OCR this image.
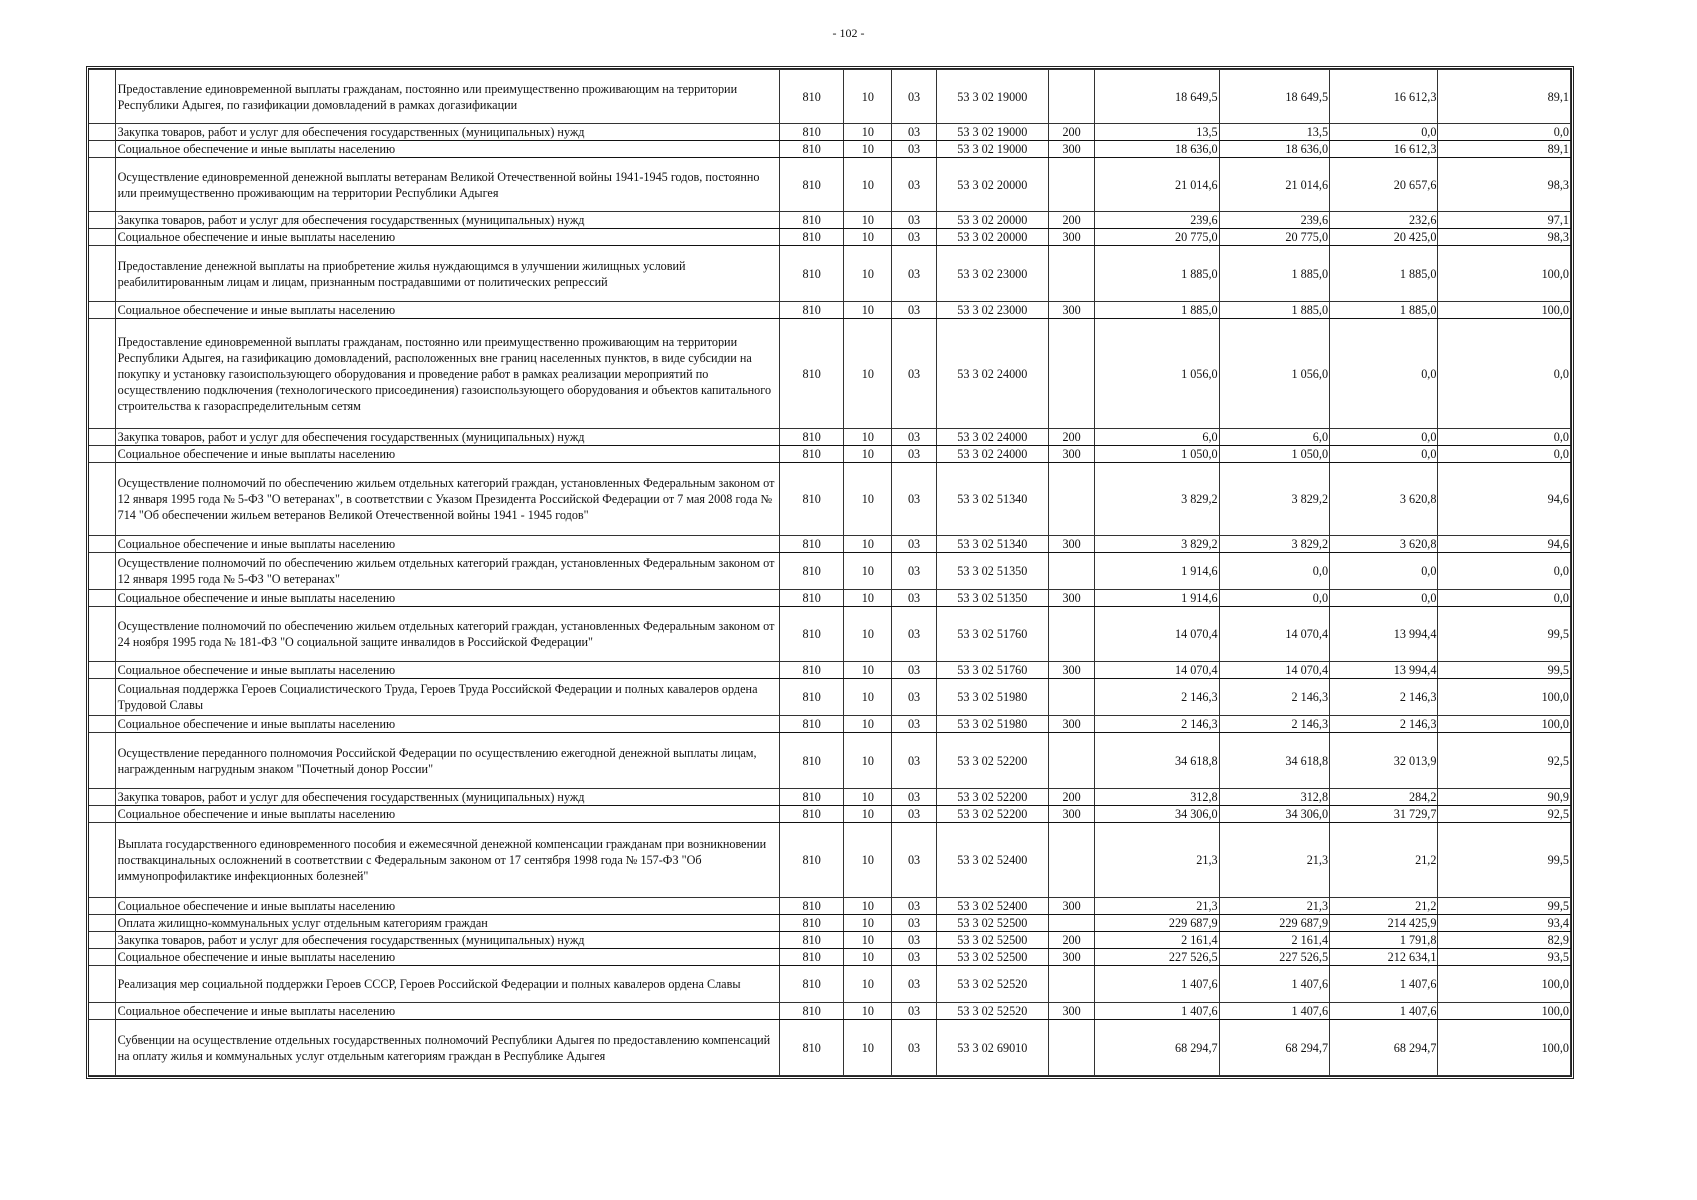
- 102 -
	Предоставление единовременной выплаты гражданам, постоянно или преимущественно проживающим на территории Республики Адыгея, по газификации домовладений в рамках догазификации	810	10	03	53 3 02 19000		18 649,5	18 649,5	16 612,3	89,1
	Закупка товаров, работ и услуг для обеспечения государственных (муниципальных) нужд	810	10	03	53 3 02 19000	200	13,5	13,5	0,0	0,0
	Социальное обеспечение и иные выплаты населению	810	10	03	53 3 02 19000	300	18 636,0	18 636,0	16 612,3	89,1
	Осуществление единовременной денежной выплаты ветеранам Великой Отечественной войны 1941-1945 годов, постоянно или преимущественно проживающим на территории Республики Адыгея	810	10	03	53 3 02 20000		21 014,6	21 014,6	20 657,6	98,3
	Закупка товаров, работ и услуг для обеспечения государственных (муниципальных) нужд	810	10	03	53 3 02 20000	200	239,6	239,6	232,6	97,1
	Социальное обеспечение и иные выплаты населению	810	10	03	53 3 02 20000	300	20 775,0	20 775,0	20 425,0	98,3
	Предоставление денежной выплаты на приобретение жилья нуждающимся в улучшении жилищных условий реабилитированным лицам и лицам, признанным пострадавшими от политических репрессий	810	10	03	53 3 02 23000		1 885,0	1 885,0	1 885,0	100,0
	Социальное обеспечение и иные выплаты населению	810	10	03	53 3 02 23000	300	1 885,0	1 885,0	1 885,0	100,0
	Предоставление единовременной выплаты гражданам, постоянно или преимущественно проживающим на территории Республики Адыгея, на газификацию домовладений, расположенных вне границ населенных пунктов, в виде субсидии на покупку и установку газоиспользующего оборудования и проведение работ в рамках реализации мероприятий по осуществлению подключения (технологического присоединения) газоиспользующего оборудования и объектов капитального строительства к газораспределительным сетям	810	10	03	53 3 02 24000		1 056,0	1 056,0	0,0	0,0
	Закупка товаров, работ и услуг для обеспечения государственных (муниципальных) нужд	810	10	03	53 3 02 24000	200	6,0	6,0	0,0	0,0
	Социальное обеспечение и иные выплаты населению	810	10	03	53 3 02 24000	300	1 050,0	1 050,0	0,0	0,0
	Осуществление полномочий по обеспечению жильем отдельных категорий граждан, установленных Федеральным законом от 12 января 1995 года № 5-ФЗ "О ветеранах", в соответствии с Указом Президента Российской Федерации от 7 мая 2008 года № 714 "Об обеспечении жильем ветеранов Великой Отечественной войны 1941 - 1945 годов"	810	10	03	53 3 02 51340		3 829,2	3 829,2	3 620,8	94,6
	Социальное обеспечение и иные выплаты населению	810	10	03	53 3 02 51340	300	3 829,2	3 829,2	3 620,8	94,6
	Осуществление полномочий по обеспечению жильем отдельных категорий граждан, установленных Федеральным законом от 12 января 1995 года № 5-ФЗ "О ветеранах"	810	10	03	53 3 02 51350		1 914,6	0,0	0,0	0,0
	Социальное обеспечение и иные выплаты населению	810	10	03	53 3 02 51350	300	1 914,6	0,0	0,0	0,0
	Осуществление полномочий по обеспечению жильем отдельных категорий граждан, установленных Федеральным законом от 24 ноября 1995 года № 181-ФЗ "О социальной защите инвалидов в Российской Федерации"	810	10	03	53 3 02 51760		14 070,4	14 070,4	13 994,4	99,5
	Социальное обеспечение и иные выплаты населению	810	10	03	53 3 02 51760	300	14 070,4	14 070,4	13 994,4	99,5
	Социальная поддержка Героев Социалистического Труда, Героев Труда Российской Федерации и полных кавалеров ордена Трудовой Славы	810	10	03	53 3 02 51980		2 146,3	2 146,3	2 146,3	100,0
	Социальное обеспечение и иные выплаты населению	810	10	03	53 3 02 51980	300	2 146,3	2 146,3	2 146,3	100,0
	Осуществление переданного полномочия Российской Федерации по осуществлению ежегодной денежной выплаты лицам, награжденным нагрудным знаком "Почетный донор России"	810	10	03	53 3 02 52200		34 618,8	34 618,8	32 013,9	92,5
	Закупка товаров, работ и услуг для обеспечения государственных (муниципальных) нужд	810	10	03	53 3 02 52200	200	312,8	312,8	284,2	90,9
	Социальное обеспечение и иные выплаты населению	810	10	03	53 3 02 52200	300	34 306,0	34 306,0	31 729,7	92,5
	Выплата государственного единовременного пособия и ежемесячной денежной компенсации гражданам при возникновении поствакцинальных осложнений в соответствии с Федеральным законом от 17 сентября 1998 года № 157-ФЗ "Об иммунопрофилактике инфекционных болезней"	810	10	03	53 3 02 52400		21,3	21,3	21,2	99,5
	Социальное обеспечение и иные выплаты населению	810	10	03	53 3 02 52400	300	21,3	21,3	21,2	99,5
	Оплата жилищно-коммунальных услуг отдельным категориям граждан	810	10	03	53 3 02 52500		229 687,9	229 687,9	214 425,9	93,4
	Закупка товаров, работ и услуг для обеспечения государственных (муниципальных) нужд	810	10	03	53 3 02 52500	200	2 161,4	2 161,4	1 791,8	82,9
	Социальное обеспечение и иные выплаты населению	810	10	03	53 3 02 52500	300	227 526,5	227 526,5	212 634,1	93,5
	Реализация мер социальной поддержки Героев СССР, Героев Российской Федерации и полных кавалеров ордена Славы	810	10	03	53 3 02 52520		1 407,6	1 407,6	1 407,6	100,0
	Социальное обеспечение и иные выплаты населению	810	10	03	53 3 02 52520	300	1 407,6	1 407,6	1 407,6	100,0
	Субвенции на осуществление отдельных государственных полномочий Республики Адыгея по предоставлению компенсаций на оплату жилья и коммунальных услуг отдельным категориям граждан в Республике Адыгея	810	10	03	53 3 02 69010		68 294,7	68 294,7	68 294,7	100,0
